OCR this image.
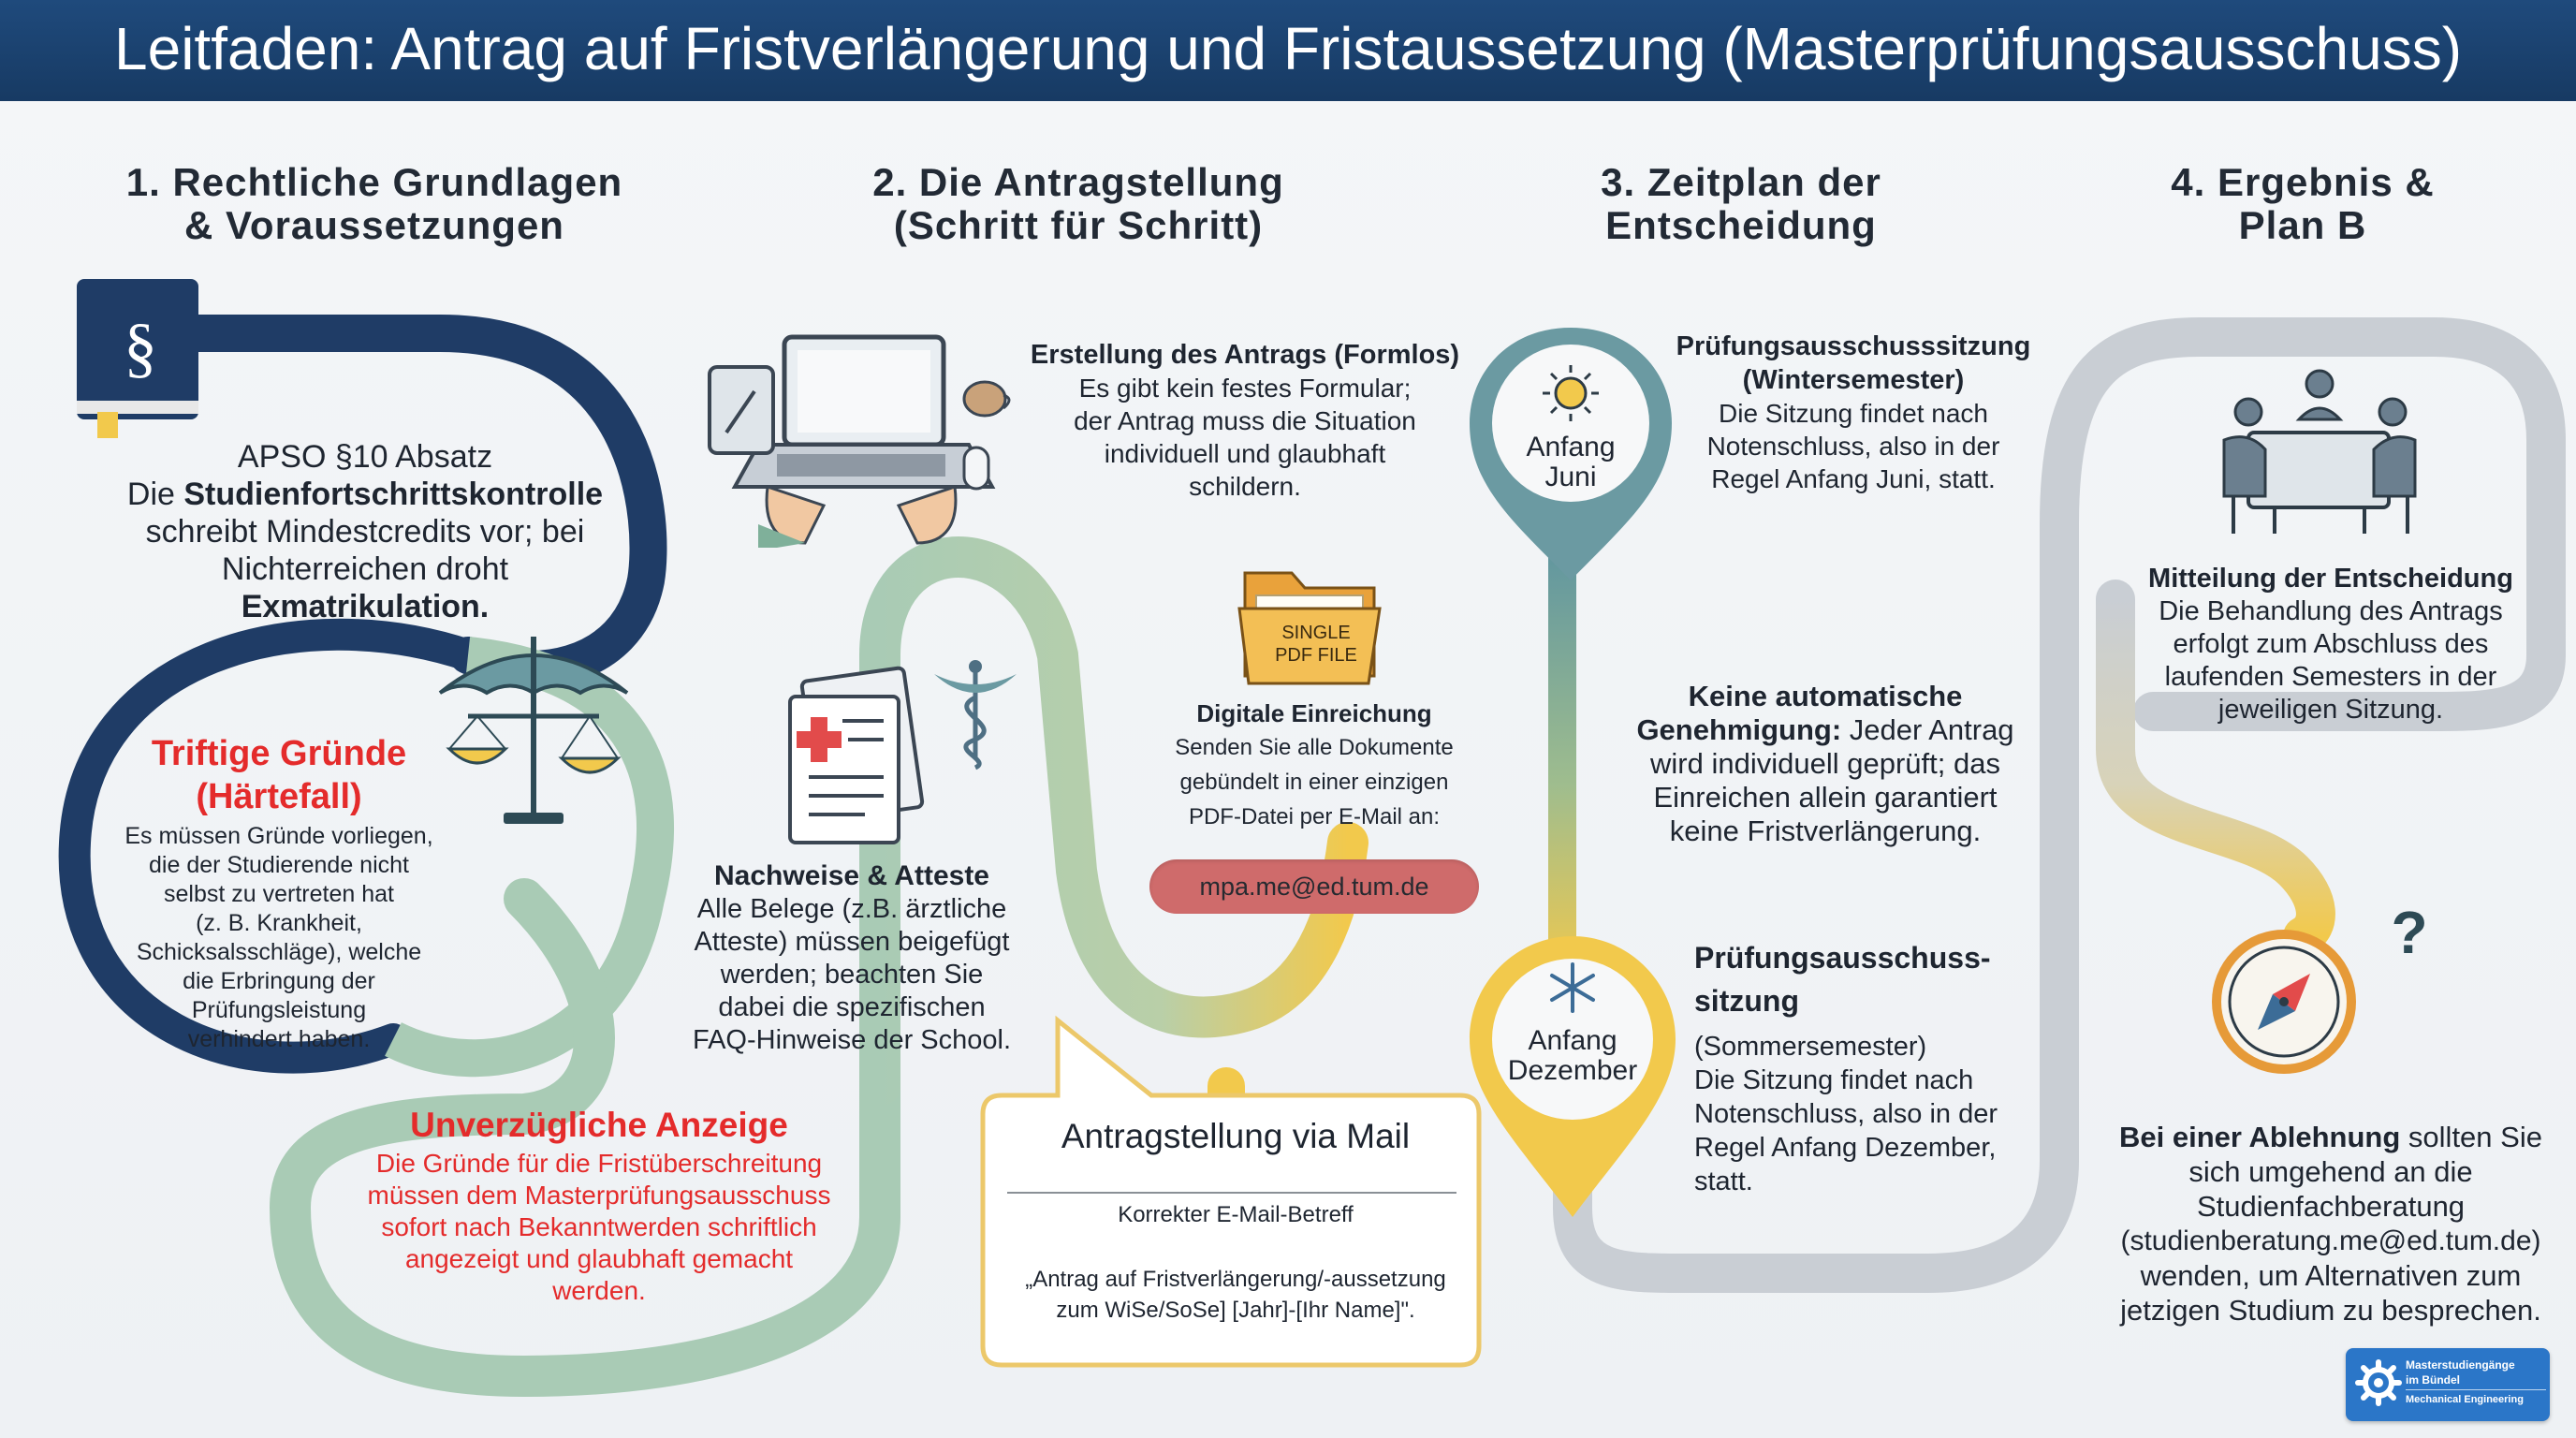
Leitfaden: Antrag auf Fristverlängerung und Fristaussetzung (Masterprüfungsausschuss)
§
SINGLE
PDF FILE
?
1. Rechtliche Grundlagen
& Voraussetzungen
2. Die Antragstellung
(Schritt für Schritt)
3. Zeitplan der
Entscheidung
4. Ergebnis &
Plan B
APSO §10 Absatz
Die Studienfortschrittskontrolle
schreibt Mindestcredits vor; bei
Nichterreichen droht
Exmatrikulation.
Triftige Gründe
(Härtefall)
Es müssen Gründe vorliegen,
die der Studierende nicht
selbst zu vertreten hat
(z. B. Krankheit,
Schicksalsschläge), welche
die Erbringung der
Prüfungsleistung
verhindert haben.
Unverzügliche Anzeige
Die Gründe für die Fristüberschreitung
müssen dem Masterprüfungsausschuss
sofort nach Bekanntwerden schriftlich
angezeigt und glaubhaft gemacht
werden.
Erstellung des Antrags (Formlos)
Es gibt kein festes Formular;
der Antrag muss die Situation
individuell und glaubhaft
schildern.
Nachweise & Atteste
Alle Belege (z.B. ärztliche
Atteste) müssen beigefügt
werden; beachten Sie
dabei die spezifischen
FAQ-Hinweise der School.
Digitale Einreichung
Senden Sie alle Dokumente
gebündelt in einer einzigen
PDF-Datei per E-Mail an:
mpa.me@ed.tum.de
Antragstellung via Mail
Korrekter E-Mail-Betreff
„Antrag auf Fristverlängerung/-aussetzung
zum WiSe/SoSe] [Jahr]-[Ihr Name]".
Anfang
Juni
Anfang
Dezember
Prüfungsausschusssitzung
(Wintersemester)
Die Sitzung findet nach
Notenschluss, also in der
Regel Anfang Juni, statt.
Keine automatische
Genehmigung: Jeder Antrag
wird individuell geprüft; das
Einreichen allein garantiert
keine Fristverlängerung.
Prüfungsausschuss-
sitzung
(Sommersemester)
Die Sitzung findet nach
Notenschluss, also in der
Regel Anfang Dezember,
statt.
Mitteilung der Entscheidung
Die Behandlung des Antrags
erfolgt zum Abschluss des
laufenden Semesters in der
jeweiligen Sitzung.
Bei einer Ablehnung sollten Sie
sich umgehend an die
Studienfachberatung
(studienberatung.me@ed.tum.de)
wenden, um Alternativen zum
jetzigen Studium zu besprechen.
Masterstudiengänge
im Bündel
Mechanical Engineering
